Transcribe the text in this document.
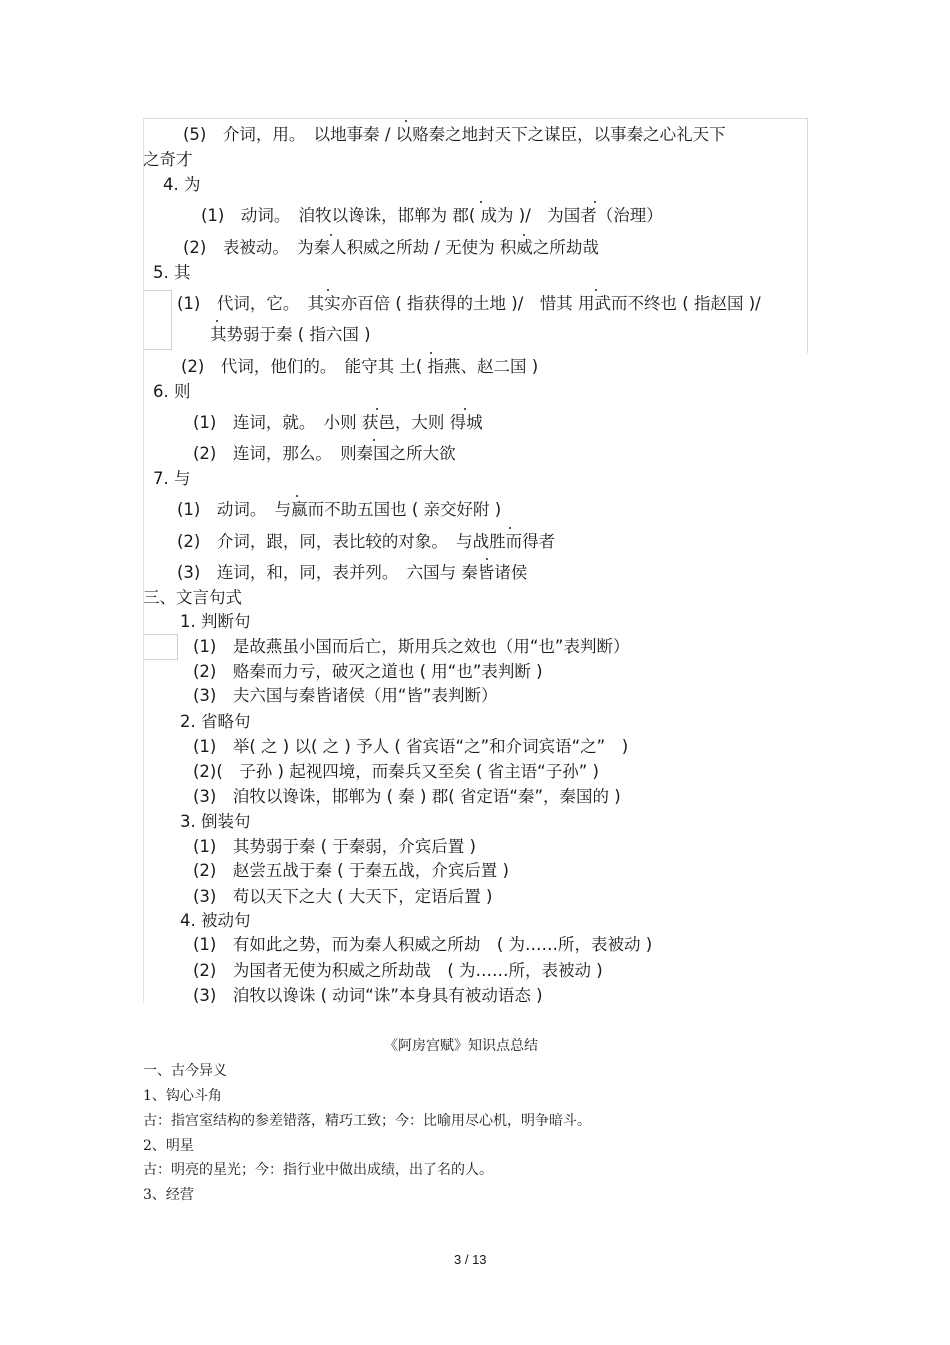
(5)　介词，用。　以地事秦 / 以赂秦之地封天下之谋臣，以事秦之心礼天下
之奇才
4. 为
(1)　动词。　洎牧以谗诛，邯郸为 郡( 成为 )/　为国者（治理）
(2)　表被动。　为秦人积威之所劫 / 无使为 积威之所劫哉
5. 其
(1)　代词，它。　其实亦百倍 ( 指获得的土地 )/　惜其 用武而不终也 ( 指赵国 )/
其势弱于秦 ( 指六国 )
(2)　代词，他们的。　能守其 土( 指燕、赵二国 )
6. 则
(1)　连词，就。　小则 获邑，大则 得城
(2)　连词，那么。　则秦国之所大欲
7. 与
(1)　动词。　与嬴而不助五国也 ( 亲交好附 )
(2)　介词，跟，同，表比较的对象。　与战胜而得者
(3)　连词，和，同，表并列。　六国与 秦皆诸侯
三、文言句式
1. 判断句
(1)　是故燕虽小国而后亡，斯用兵之效也（用“也”表判断）
(2)　赂秦而力亏，破灭之道也 ( 用“也”表判断 )
(3)　夫六国与秦皆诸侯（用“皆”表判断）
2. 省略句
(1)　举( 之 ) 以( 之 ) 予人 ( 省宾语“之”和介词宾语“之”　)
(2)(　子孙 ) 起视四境，而秦兵又至矣 ( 省主语“子孙” )
(3)　洎牧以谗诛，邯郸为 ( 秦 ) 郡( 省定语“秦”，秦国的 )
3. 倒装句
(1)　其势弱于秦 ( 于秦弱，介宾后置 )
(2)　赵尝五战于秦 ( 于秦五战，介宾后置 )
(3)　苟以天下之大 ( 大天下，定语后置 )
4. 被动句
(1)　有如此之势，而为秦人积威之所劫　( 为……所，表被动 )
(2)　为国者无使为积威之所劫哉　( 为……所，表被动 )
(3)　洎牧以谗诛 ( 动词“诛”本身具有被动语态 )
《阿房宫赋》知识点总结
一、古今异义
1、钩心斗角
古：指宫室结构的参差错落，精巧工致；今：比喻用尽心机，明争暗斗。
2、明星
古：明亮的星光；今：指行业中做出成绩，出了名的人。
3、经营
3 / 13
